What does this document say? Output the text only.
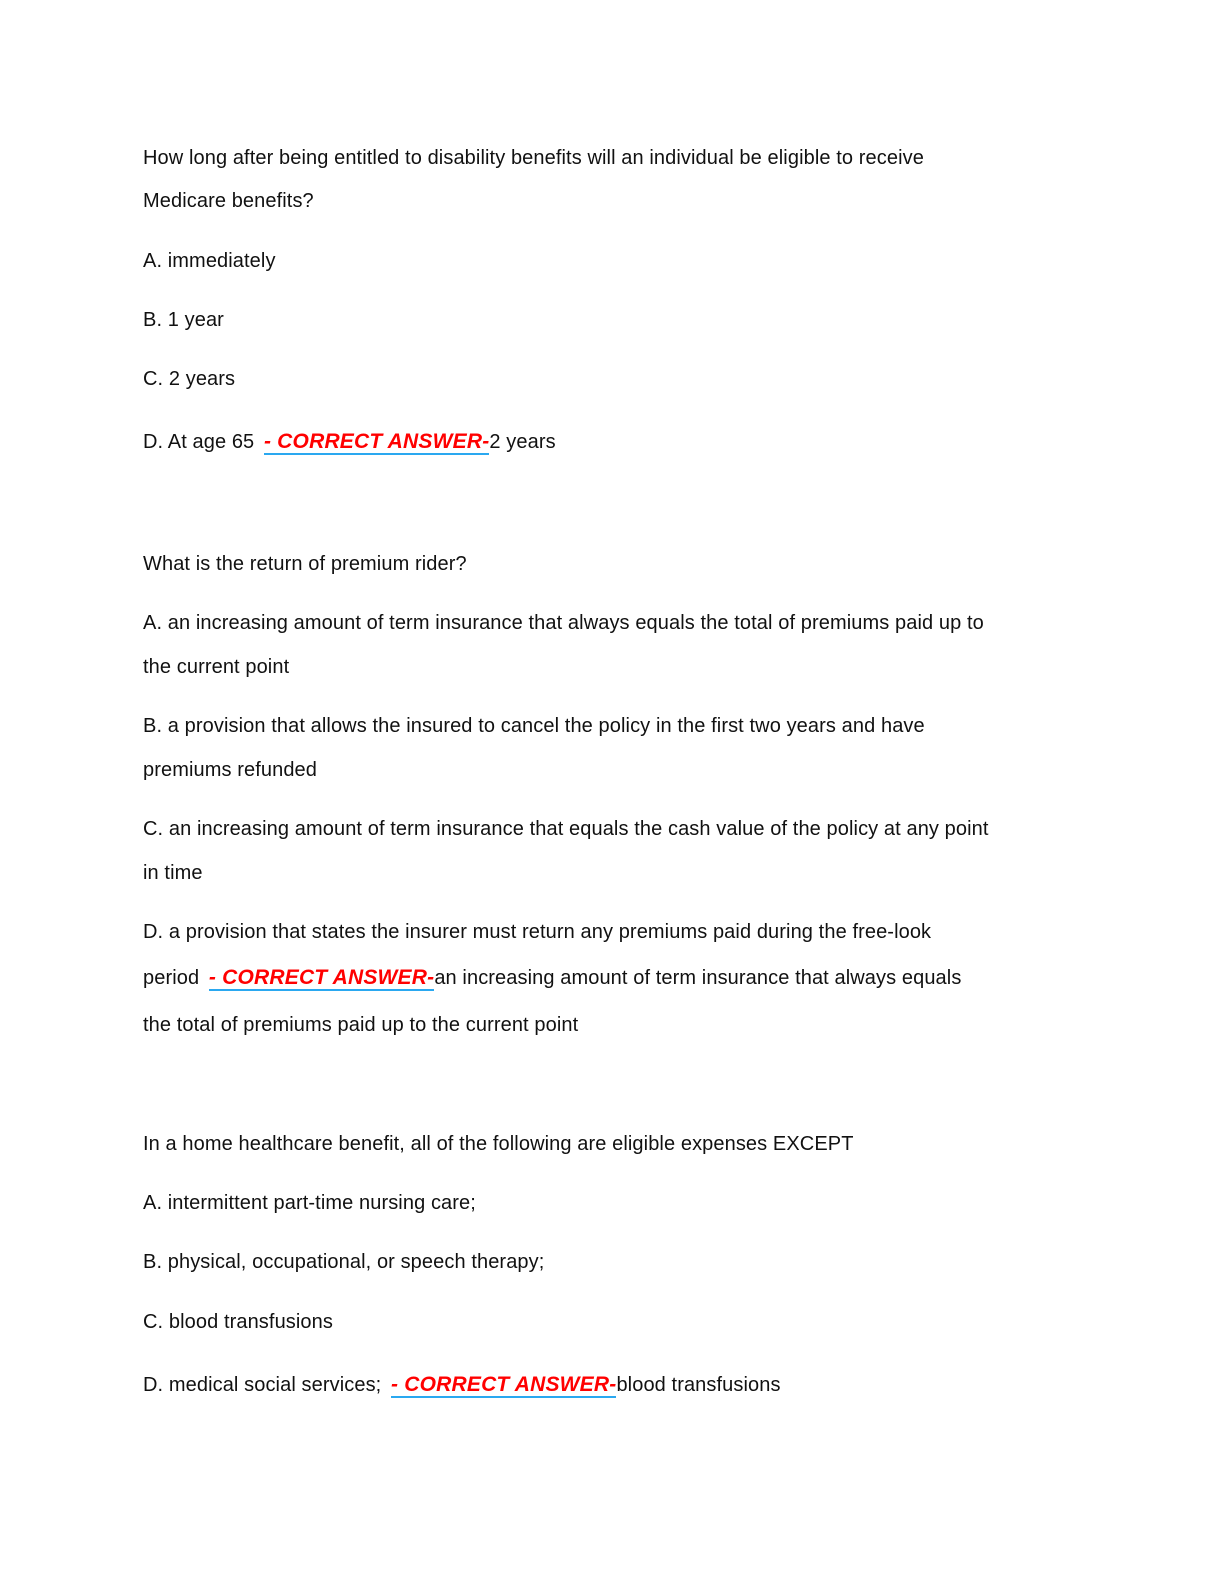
How long after being entitled to disability benefits will an individual be eligible to receive
Medicare benefits?
A. immediately
B. 1 year
C. 2 years
D. At age 65 - CORRECT ANSWER-2 years
What is the return of premium rider?
A. an increasing amount of term insurance that always equals the total of premiums paid up to
the current point
B. a provision that allows the insured to cancel the policy in the first two years and have
premiums refunded
C. an increasing amount of term insurance that equals the cash value of the policy at any point
in time
D. a provision that states the insurer must return any premiums paid during the free-look
period - CORRECT ANSWER-an increasing amount of term insurance that always equals
the total of premiums paid up to the current point
In a home healthcare benefit, all of the following are eligible expenses EXCEPT
A. intermittent part-time nursing care;
B. physical, occupational, or speech therapy;
C. blood transfusions
D. medical social services; - CORRECT ANSWER-blood transfusions
